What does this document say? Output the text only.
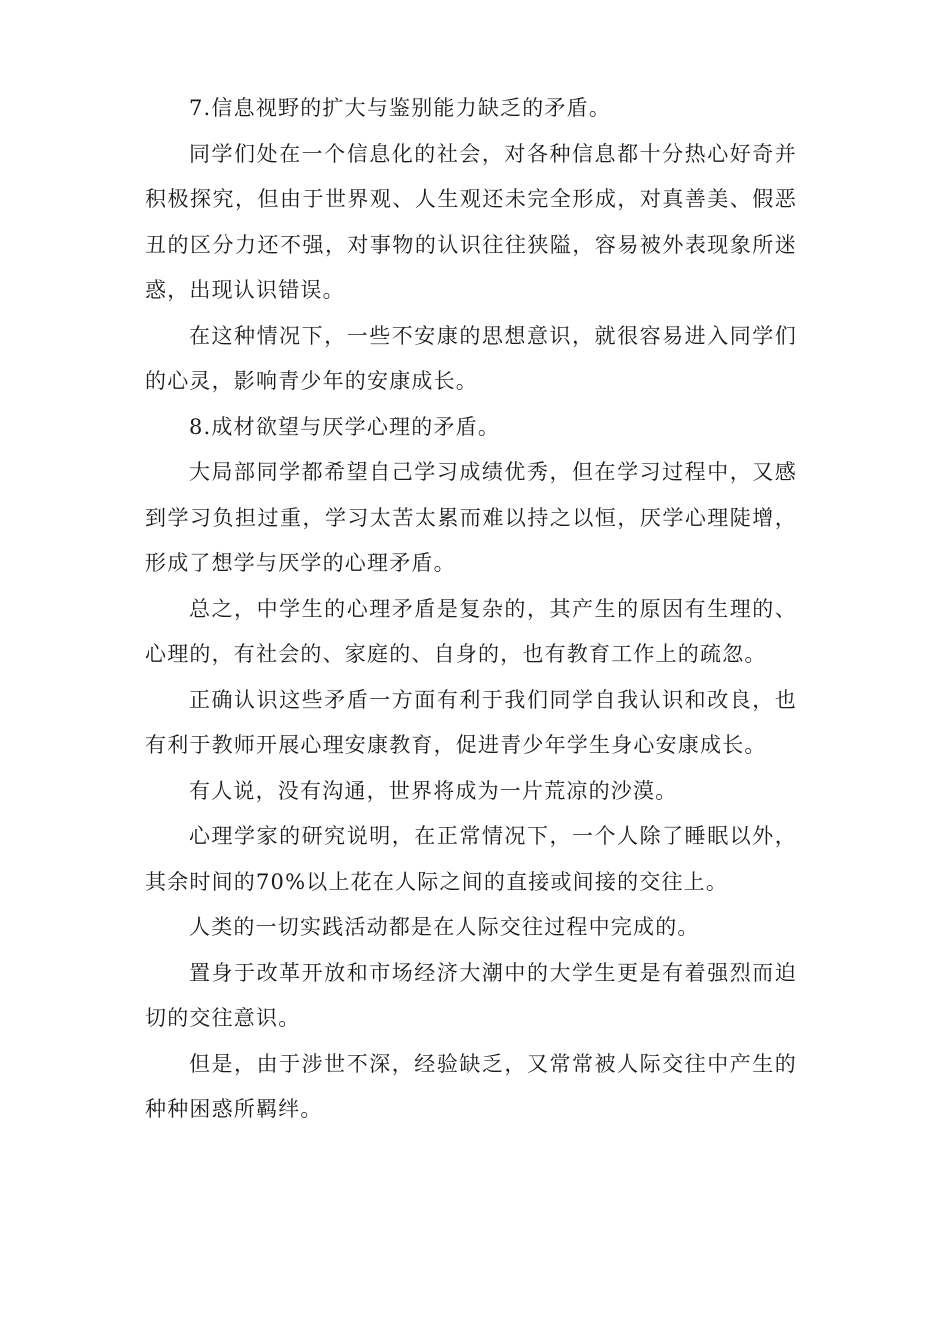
7.信息视野的扩大与鉴别能力缺乏的矛盾。

同学们处在一个信息化的社会，对各种信息都十分热心好奇并积极探究，但由于世界观、人生观还未完全形成，对真善美、假恶丑的区分力还不强，对事物的认识往往狭隘，容易被外表现象所迷惑，出现认识错误。

在这种情况下，一些不安康的思想意识，就很容易进入同学们的心灵，影响青少年的安康成长。

8.成材欲望与厌学心理的矛盾。

大局部同学都希望自己学习成绩优秀，但在学习过程中，又感到学习负担过重，学习太苦太累而难以持之以恒，厌学心理陡增，形成了想学与厌学的心理矛盾。

总之，中学生的心理矛盾是复杂的，其产生的原因有生理的、心理的，有社会的、家庭的、自身的，也有教育工作上的疏忽。

正确认识这些矛盾一方面有利于我们同学自我认识和改良，也有利于教师开展心理安康教育，促进青少年学生身心安康成长。

有人说，没有沟通，世界将成为一片荒凉的沙漠。

心理学家的研究说明，在正常情况下，一个人除了睡眠以外，其余时间的70%以上花在人际之间的直接或间接的交往上。

人类的一切实践活动都是在人际交往过程中完成的。

置身于改革开放和市场经济大潮中的大学生更是有着强烈而迫切的交往意识。

但是，由于涉世不深，经验缺乏，又常常被人际交往中产生的种种困惑所羁绊。
